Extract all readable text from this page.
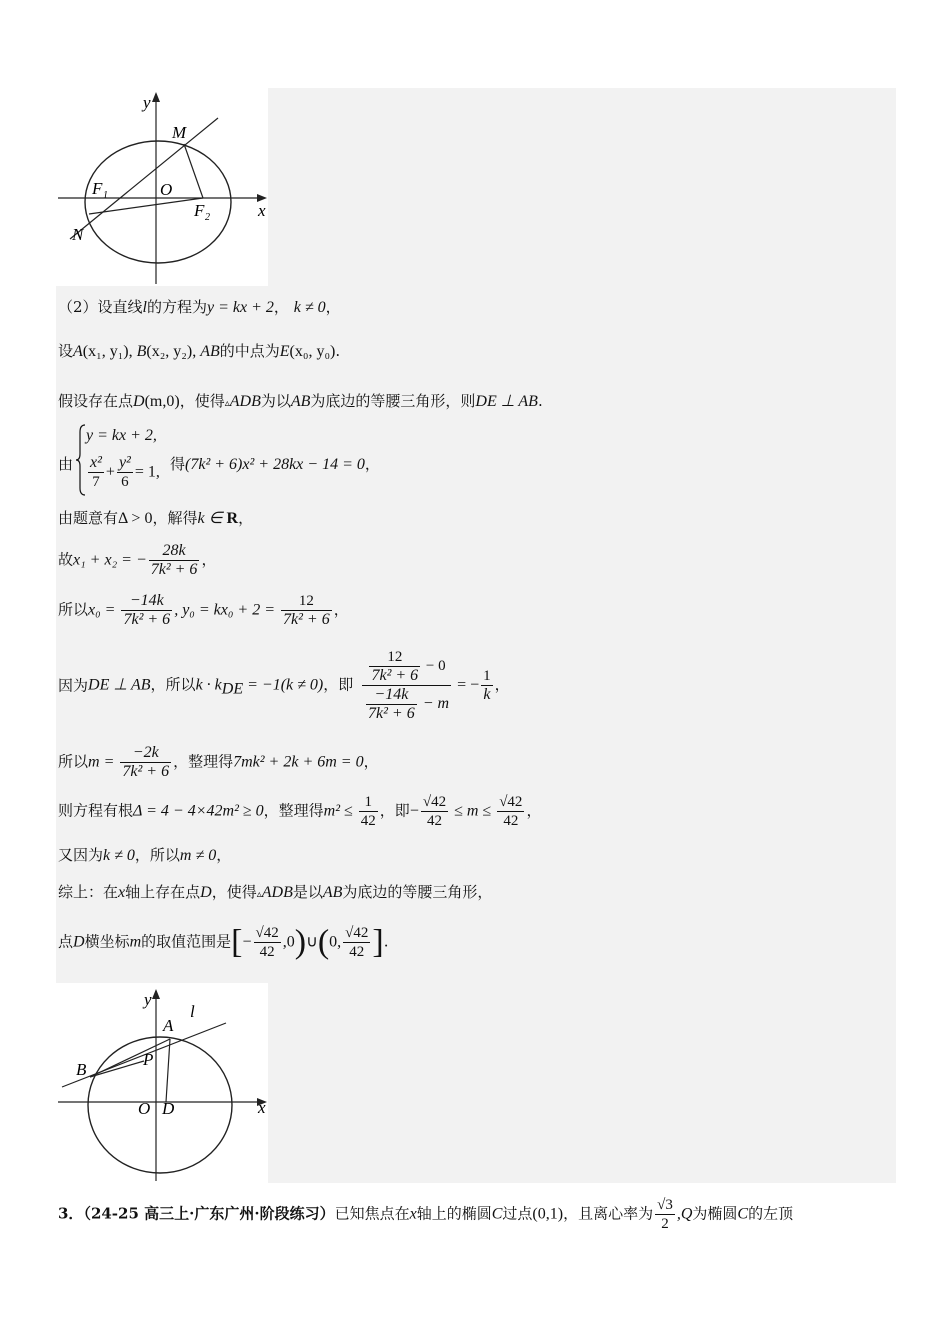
y
x
M
F 1	O
F 2
N
（2）设直线l的方程为y = kx + 2， k ≠ 0，
设A(x₁, y₁), B(x₂, y₂), AB的中点为E(x₀, y₀).
假设存在点D(m,0)，使得▵ADB为以AB为底边的等腰三角形，则DE ⊥ AB.
由
y = kx + 2,
$\frac{\text{x²}}{7} + \frac{\text{y²}}{6} = 1$, 得(7k² + 6)x² + 28kx − 14 = 0，
由题意有Δ > 0，解得k ∈ R，
故x₁ + x₂ = − $\frac{28k}{\text{7k² + 6}}$ ，
所以$x_0 = \frac{-14k}{\text{7k² + 6}}$ , $y_0 = kx_0 + 2 = \frac{12}{\text{7k² + 6}}$ ，
因为DE ⊥ AB，所以$k \cdot k_{DE} = -1(k \ne 0)$，即 $\frac{\frac{12}{\text{7k² + 6}} - 0}{\frac{-14k}{\text{7k² + 6}} - m}$ = − $\frac{1}{k}$ ，
所以$m = \frac{-2k}{\text{7k² + 6}}$ ，整理得7mk² + 2k + 6m = 0，
则方程有根Δ = 4 − 4×42m² ≥ 0，整理得$m^2 \le \frac{1}{42}$ ，即− $\frac{√42}{42} \le m \le \frac{√42}{42}$ ，
又因为k ≠ 0，所以m ≠ 0，
综上：在x轴上存在点D，使得▵ADB是以AB为底边的等腰三角形，
点D横坐标m的取值范围是[− $\frac{√42}{42}$ ,0)∪(0, $\frac{√42}{42}$ ].
y
x
A
l
B
P
O D
3．（24-25 高三上·广东广州·阶段练习）已知焦点在x轴上的椭圆C过点(0,1)，且离心率为 $\frac{√3}{2} ,Q$为椭圆C的左顶
